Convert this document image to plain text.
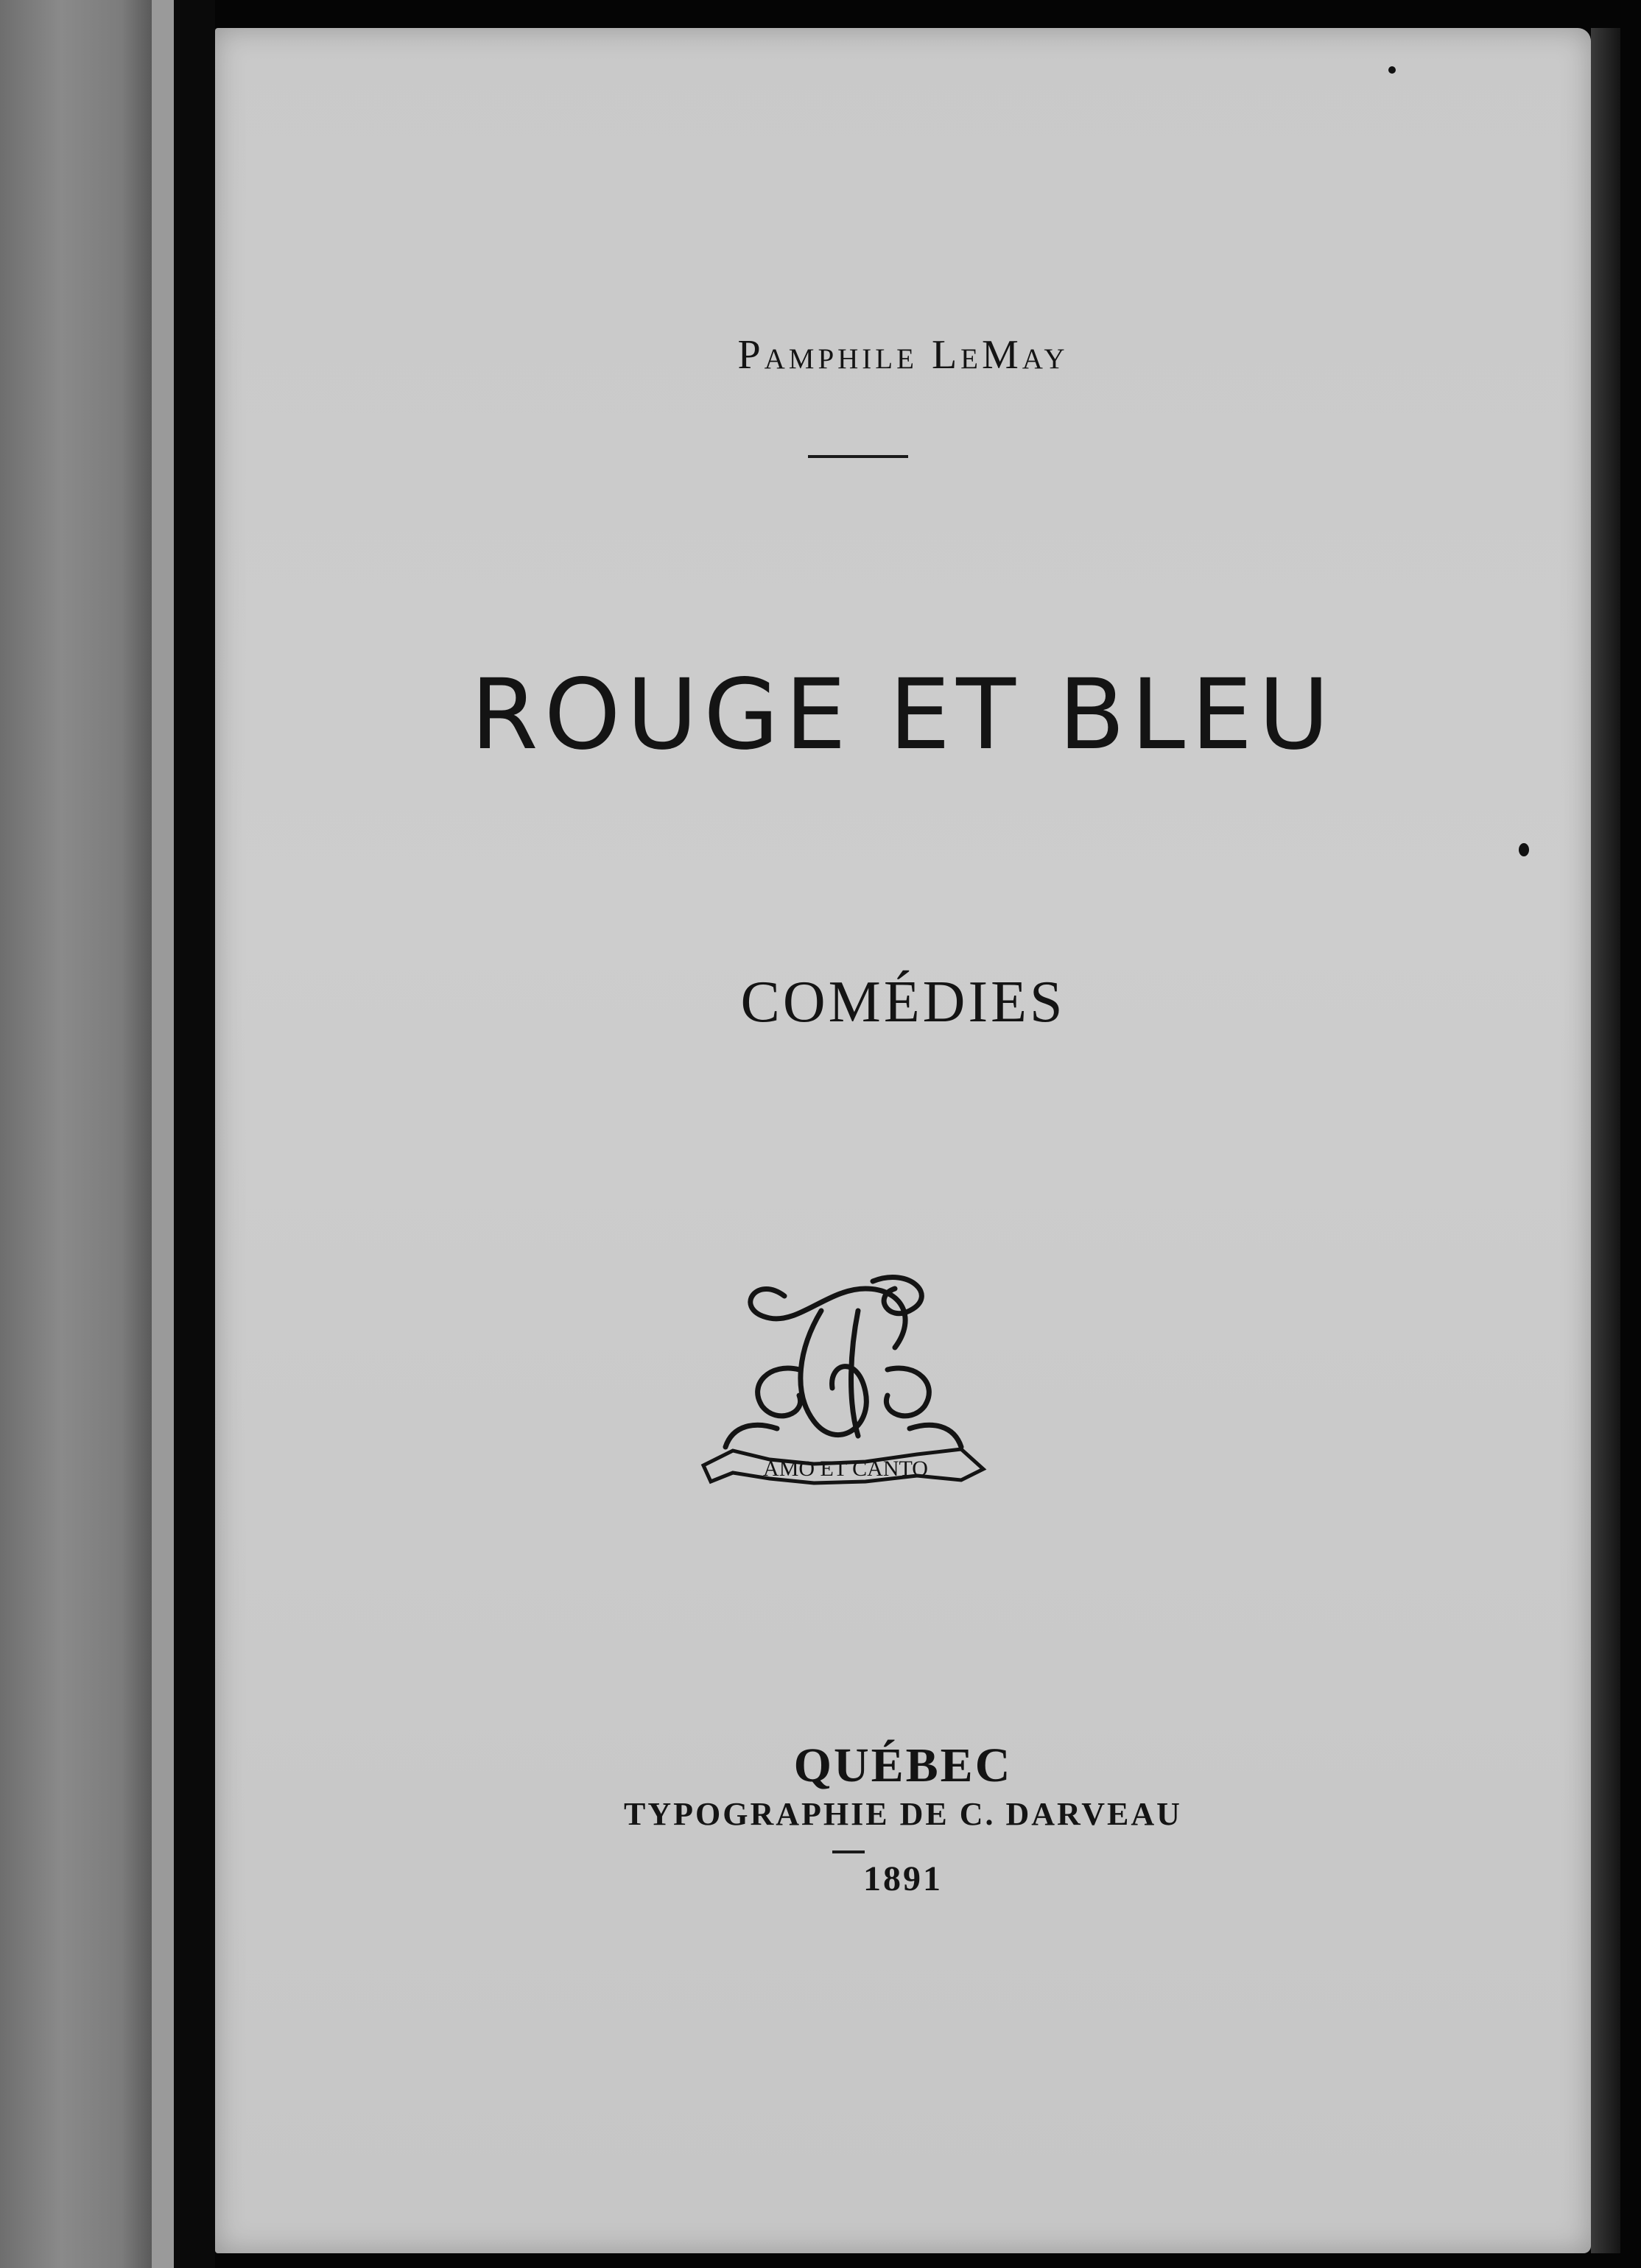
Pamphile LeMay

ROUGE ET BLEU

COMÉDIES

AMO ET CANTO

QUÉBEC

TYPOGRAPHIE DE C. DARVEAU

1891
